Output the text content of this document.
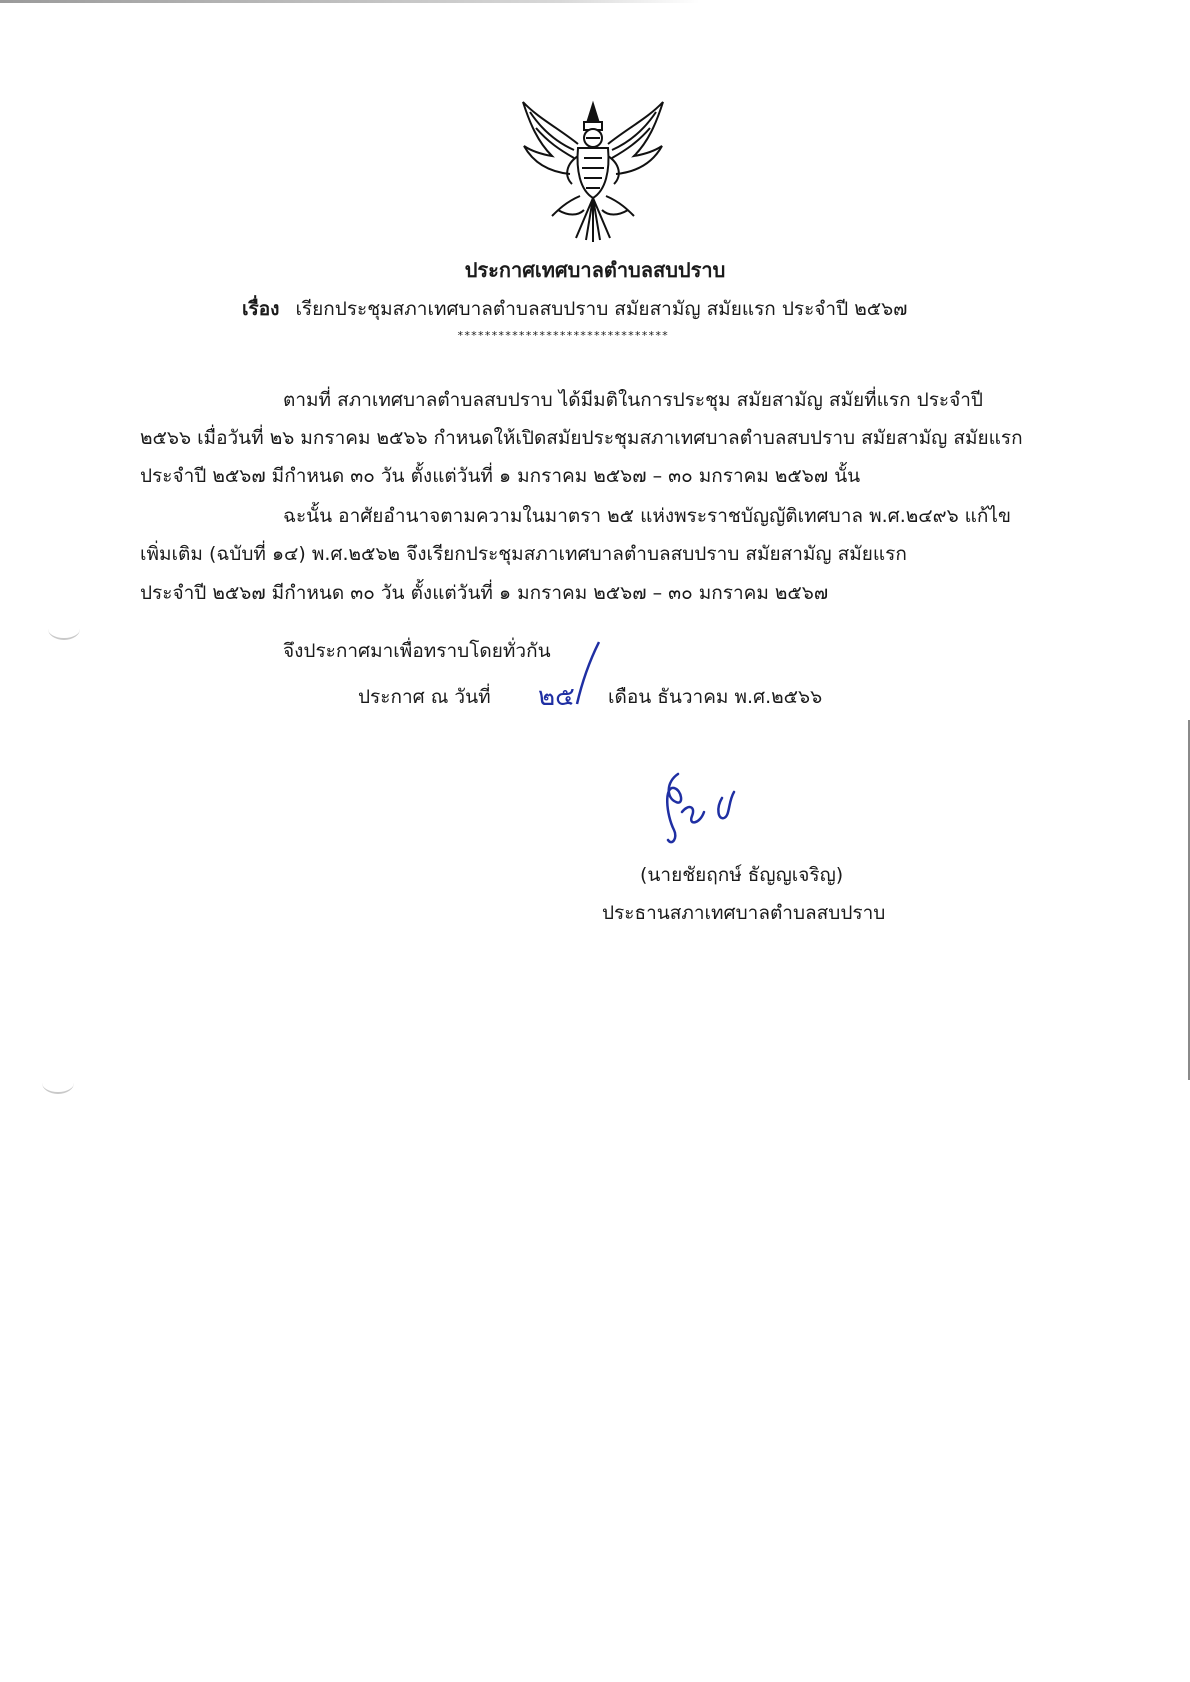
ประกาศเทศบาลตำบลสบปราบ
เรื่อง เรียกประชุมสภาเทศบาลตำบลสบปราบ สมัยสามัญ สมัยแรก ประจำปี ๒๕๖๗
*******************************
ตามที่ สภาเทศบาลตำบลสบปราบ ได้มีมติในการประชุม สมัยสามัญ สมัยที่แรก ประจำปี
๒๕๖๖ เมื่อวันที่ ๒๖ มกราคม ๒๕๖๖ กำหนดให้เปิดสมัยประชุมสภาเทศบาลตำบลสบปราบ สมัยสามัญ สมัยแรก
ประจำปี ๒๕๖๗ มีกำหนด ๓๐ วัน ตั้งแต่วันที่ ๑ มกราคม ๒๕๖๗ – ๓๐ มกราคม ๒๕๖๗ นั้น
ฉะนั้น อาศัยอำนาจตามความในมาตรา ๒๕ แห่งพระราชบัญญัติเทศบาล พ.ศ.๒๔๙๖ แก้ไข
เพิ่มเติม (ฉบับที่ ๑๔) พ.ศ.๒๕๖๒ จึงเรียกประชุมสภาเทศบาลตำบลสบปราบ สมัยสามัญ สมัยแรก
ประจำปี ๒๕๖๗ มีกำหนด ๓๐ วัน ตั้งแต่วันที่ ๑ มกราคม ๒๕๖๗ – ๓๐ มกราคม ๒๕๖๗
จึงประกาศมาเพื่อทราบโดยทั่วกัน
ประกาศ ณ วันที่ ๒๕ เดือน ธันวาคม พ.ศ.๒๕๖๖
(นายชัยฤกษ์ ธัญญเจริญ)
ประธานสภาเทศบาลตำบลสบปราบ
